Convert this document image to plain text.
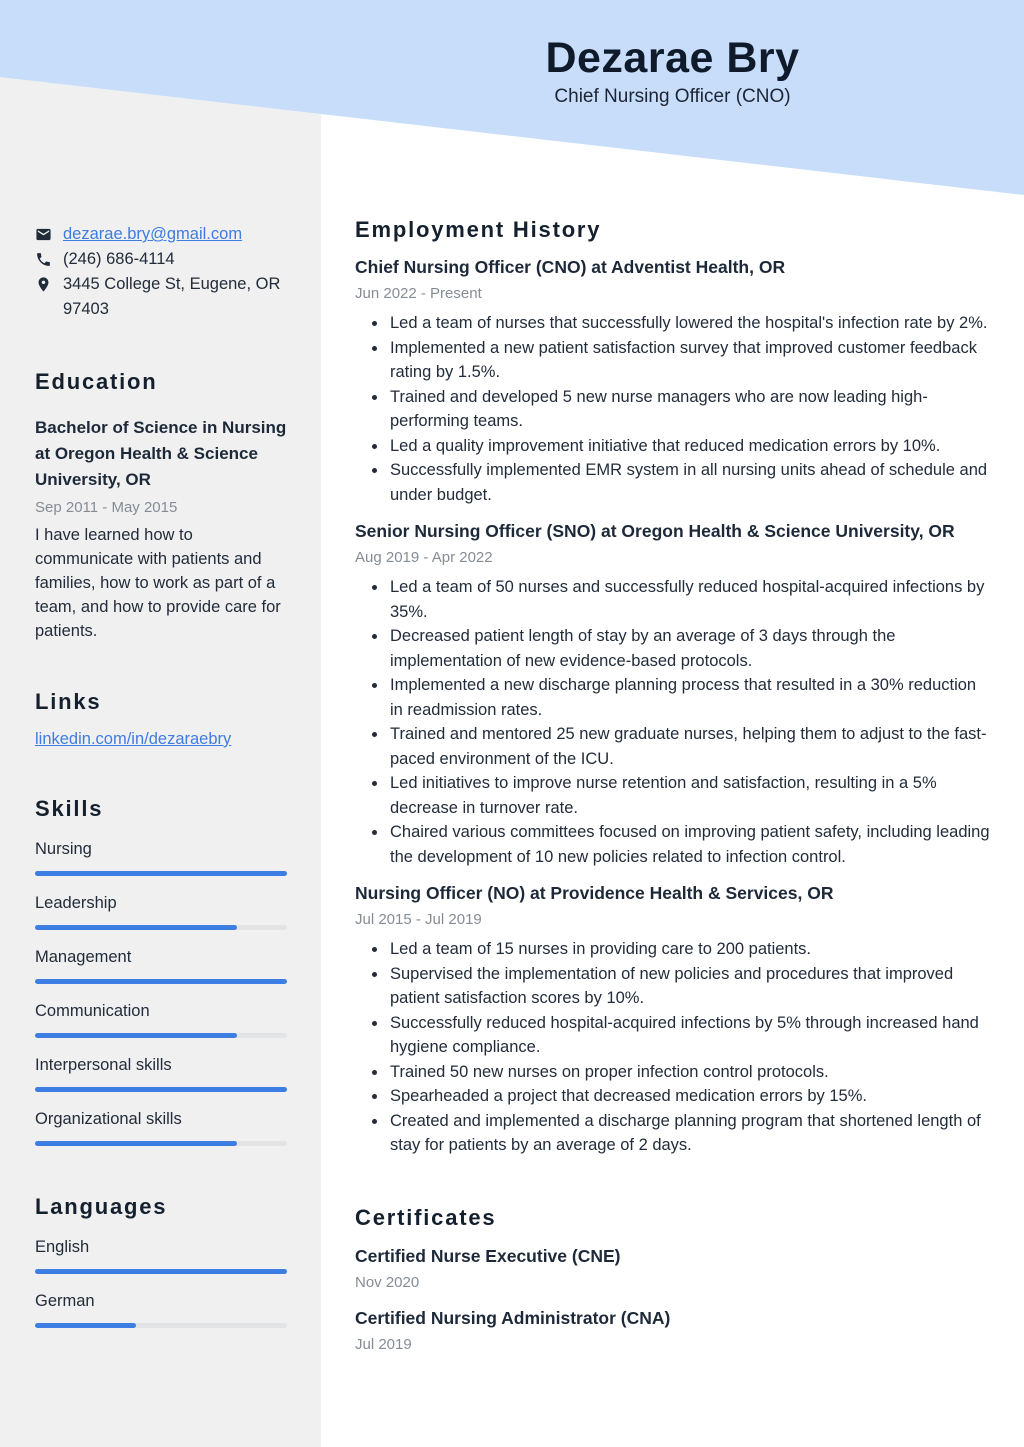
Dezarae Bry
Chief Nursing Officer (CNO)
dezarae.bry@gmail.com
(246) 686-4114
3445 College St, Eugene, OR 97403
Education
Bachelor of Science in Nursing at Oregon Health & Science University, OR
Sep 2011 - May 2015
I have learned how to communicate with patients and families, how to work as part of a team, and how to provide care for patients.
Links
linkedin.com/in/dezaraebry
Skills
Nursing
Leadership
Management
Communication
Interpersonal skills
Organizational skills
Languages
English
German
Employment History
Chief Nursing Officer (CNO) at Adventist Health, OR
Jun 2022 - Present
• Led a team of nurses that successfully lowered the hospital's infection rate by 2%.
• Implemented a new patient satisfaction survey that improved customer feedback rating by 1.5%.
• Trained and developed 5 new nurse managers who are now leading high-performing teams.
• Led a quality improvement initiative that reduced medication errors by 10%.
• Successfully implemented EMR system in all nursing units ahead of schedule and under budget.
Senior Nursing Officer (SNO) at Oregon Health & Science University, OR
Aug 2019 - Apr 2022
• Led a team of 50 nurses and successfully reduced hospital-acquired infections by 35%.
• Decreased patient length of stay by an average of 3 days through the implementation of new evidence-based protocols.
• Implemented a new discharge planning process that resulted in a 30% reduction in readmission rates.
• Trained and mentored 25 new graduate nurses, helping them to adjust to the fast-paced environment of the ICU.
• Led initiatives to improve nurse retention and satisfaction, resulting in a 5% decrease in turnover rate.
• Chaired various committees focused on improving patient safety, including leading the development of 10 new policies related to infection control.
Nursing Officer (NO) at Providence Health & Services, OR
Jul 2015 - Jul 2019
• Led a team of 15 nurses in providing care to 200 patients.
• Supervised the implementation of new policies and procedures that improved patient satisfaction scores by 10%.
• Successfully reduced hospital-acquired infections by 5% through increased hand hygiene compliance.
• Trained 50 new nurses on proper infection control protocols.
• Spearheaded a project that decreased medication errors by 15%.
• Created and implemented a discharge planning program that shortened length of stay for patients by an average of 2 days.
Certificates
Certified Nurse Executive (CNE)
Nov 2020
Certified Nursing Administrator (CNA)
Jul 2019
